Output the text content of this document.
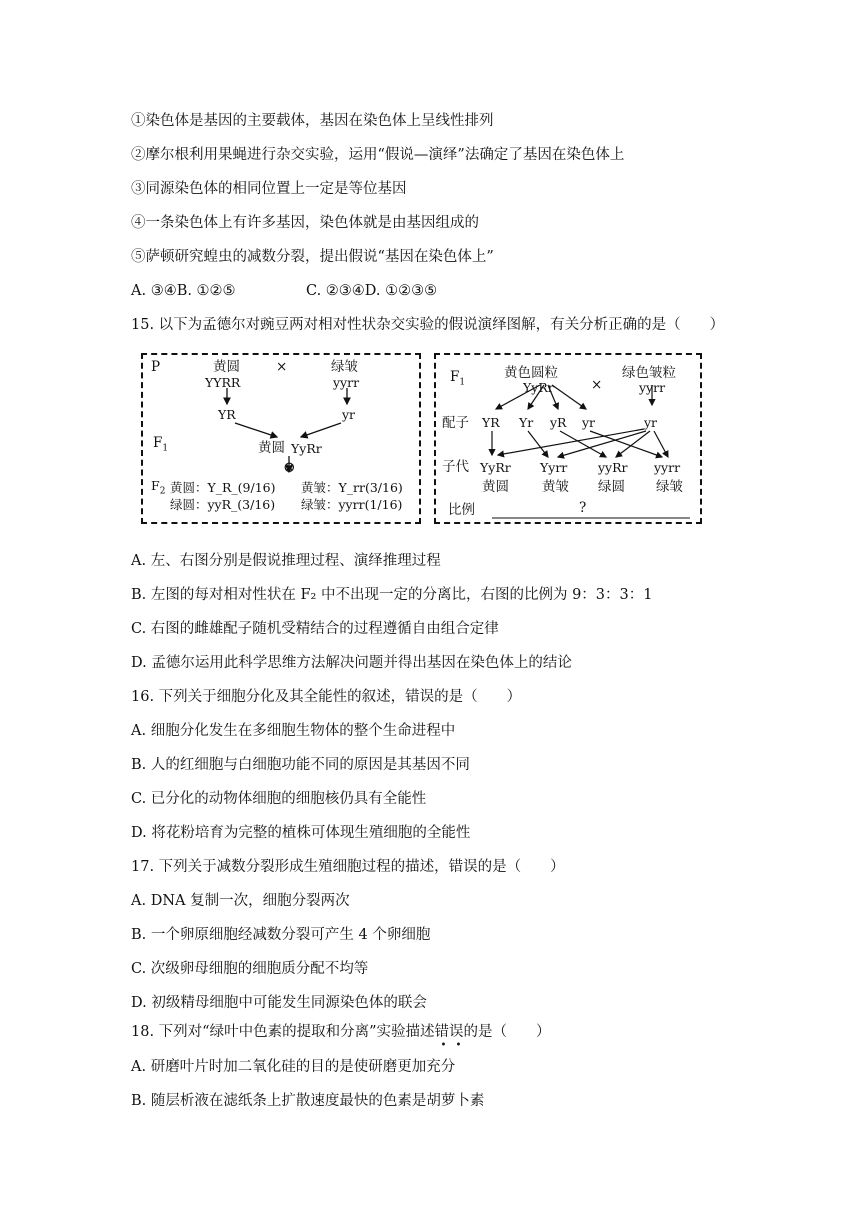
①染色体是基因的主要载体，基因在染色体上呈线性排列
②摩尔根利用果蝇进行杂交实验，运用“假说—演绎”法确定了基因在染色体上
③同源染色体的相同位置上一定是等位基因
④一条染色体上有许多基因，染色体就是由基因组成的
⑤萨顿研究蝗虫的减数分裂，提出假说“基因在染色体上”
A. ③④B. ①②⑤	C. ②③④D. ①②③⑤
15. 以下为孟德尔对豌豆两对相对性状杂交实验的假说演绎图解，有关分析正确的是（　　）
P	黄圆	×	绿皱
YYRR	yyrr
YR	yr
$F_1$	黄圆 YyRr
⊗
$F_2$ 黄圆：Y_R_(9/16) 黄皱：Y_rr(3/16)
绿圆：yyR_(3/16) 绿皱：yyrr(1/16)
$F_1$
黄色圆粒
×
绿色皱粒
YyRr	yyrr
配子 YR Yr yR yr	yr
子代 YyRr Yyrr yyRr yyrr
黄圆 黄皱 绿圆 绿皱
比例	?
A. 左、右图分别是假说推理过程、演绎推理过程
B. 左图的每对相对性状在 F₂ 中不出现一定的分离比，右图的比例为 9：3：3：1
C. 右图的雌雄配子随机受精结合的过程遵循自由组合定律
D. 孟德尔运用此科学思维方法解决问题并得出基因在染色体上的结论
16. 下列关于细胞分化及其全能性的叙述，错误的是（　　）
A. 细胞分化发生在多细胞生物体的整个生命进程中
B. 人的红细胞与白细胞功能不同的原因是其基因不同
C. 已分化的动物体细胞的细胞核仍具有全能性
D. 将花粉培育为完整的植株可体现生殖细胞的全能性
17. 下列关于减数分裂形成生殖细胞过程的描述，错误的是（　　）
A. DNA 复制一次，细胞分裂两次
B. 一个卵原细胞经减数分裂可产生 4 个卵细胞
C. 次级卵母细胞的细胞质分配不均等
D. 初级精母细胞中可能发生同源染色体的联会
18. 下列对“绿叶中色素的提取和分离”实验描述错误
• •
的是（　　）
A. 研磨叶片时加二氧化硅的目的是使研磨更加充分
B. 随层析液在滤纸条上扩散速度最快的色素是胡萝卜素
